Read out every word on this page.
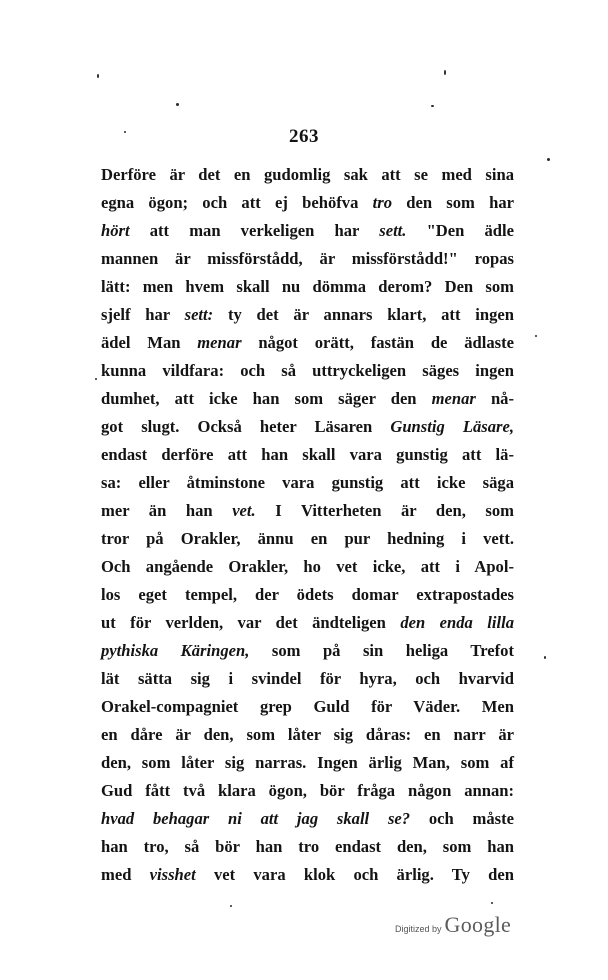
263
Derföre är det en gudomlig sak att se med sina
egna ögon; och att ej behöfva tro den som har
hört att man verkeligen har sett. "Den ädle
mannen är missförstådd, är missförstådd!" ropas
lätt: men hvem skall nu dömma derom? Den som
sjelf har sett: ty det är annars klart, att ingen
ädel Man menar något orätt, fastän de ädlaste
kunna vildfara: och så uttryckeligen säges ingen
dumhet, att icke han som säger den menar nå-
got slugt. Också heter Läsaren Gunstig Läsare,
endast derföre att han skall vara gunstig att lä-
sa: eller åtminstone vara gunstig att icke säga
mer än han vet. I Vitterheten är den, som
tror på Orakler, ännu en pur hedning i vett.
Och angående Orakler, ho vet icke, att i Apol-
los eget tempel, der ödets domar extrapostades
ut för verlden, var det ändteligen den enda lilla
pythiska Käringen, som på sin heliga Trefot
lät sätta sig i svindel för hyra, och hvarvid
Orakel-compagniet grep Guld för Väder. Men
en dåre är den, som låter sig dåras: en narr är
den, som låter sig narras. Ingen ärlig Man, som af
Gud fått två klara ögon, bör fråga någon annan:
hvad behagar ni att jag skall se? och måste
han tro, så bör han tro endast den, som han
med visshet vet vara klok och ärlig. Ty den
Digitized by Google
